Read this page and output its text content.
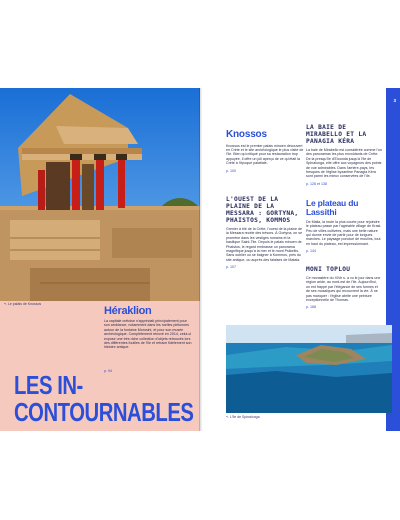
↖ Le palais de Knossos
Héraklion
La capitale crétoise n'appréciait principalement pour son ambiance, notamment dans les ruelles piétonnes autour de la fontaine Morosini, et pour son musée archéologique. Complètement rénové en 2014, celui-ci expose une très riche collection d'objets retrouvés lors des différentes fouilles de l'île et retrace fidèlement son histoire antique.
p. 94
LES IN-
CONTOURNABLES
3
Knossos
Knossos est le premier palais minoen découvert en Crète et le site archéologique le plus visité de l'île. Bien qu'critiqué pour sa restauration trop appuyée, il offre un joli aperçu de ce qu'était la Crète à l'époque palatiale.
p. 100
L'OUEST DE LA PLAINE DE LA MESSARA : GORTYNA, PHAISTOS, KOMMOS
Grenier à blé de la Crète, l'ouest de la plaine de la Messara recèle des trésors. À Gortyna, on se promène dans les vestiges romains et la basilique Saint-Tite. Depuis le palais minoen de Phaistos, le regard embrasse un panorama magnifique jusqu'à la mer et le mont Psiloritis. Sans oublier où se baigner à Kommos, près du site antique, ou auprès des falaises de Matala.
p. 107
LA BAIE DE MIRABELLO ET LA PANAGIA KÉRA
La baie de Mirabello est considérée comme l'un des panoramas les plus envoûtants de Crète. De la presqu'île d'Elounda jusqu'à l'île de Spinalonga, elle offre aux voyageurs des points de vue admirables. Dans l'arrière-pays, les fresques de l'église byzantine Panagia Kéra sont parmi les mieux conservées de l'île.
p. 126 et 138
Le plateau du Lassithi
De Malia, la route la plus courte pour rejoindre le plateau passe par l'agréable village de Krasi. Peu de villes cultivées, mais une belle nature qui donne envie de partir pour de longues marches. Le paysage ponctué de moulins, tout en haut du plateau, est impressionnant.
p. 144
MONI TOPLOU
Ce monastère du XIVe s. a vu le jour dans une région aride, au nord-est de l'île. Aujourd'hui, on est frappé par l'élégance de ses formes et de ses mosaïques qui recouvrent la vie. À ne pas manquer : l'église abrite une peinture exceptionnelle de Thomas.
p. 168
↖ L'île de Spinalonga
